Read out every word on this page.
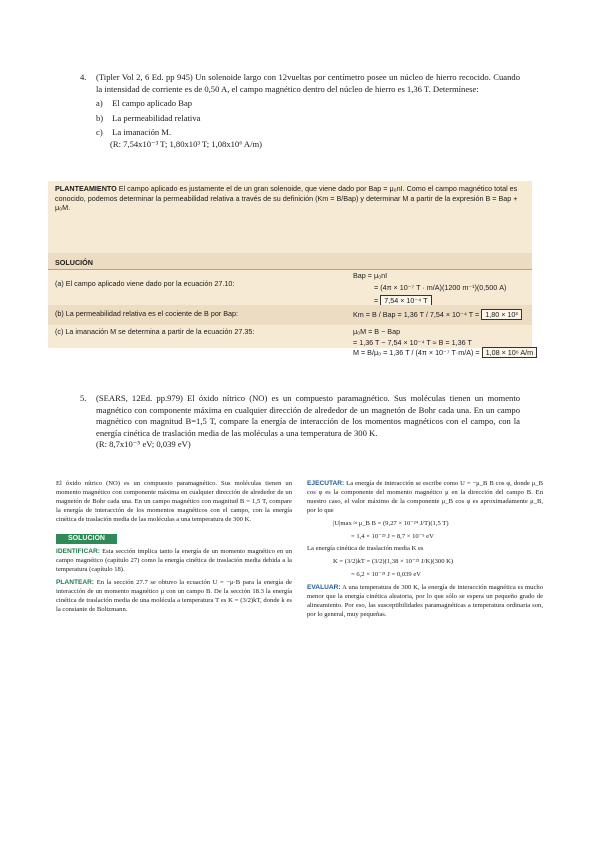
4. (Tipler Vol 2, 6 Ed. pp 945) Un solenoide largo con 12vueltas por centímetro posee un núcleo de hierro recocido. Cuando la intensidad de corriente es de 0,50 A, el campo magnético dentro del núcleo de hierro es 1,36 T. Determínese:
a) El campo aplicado Bap
b) La permeabilidad relativa
c) La imanación M.
(R: 7,54x10⁻³ T; 1,80x10³ T; 1,08x10⁶ A/m)
PLANTEAMIENTO El campo aplicado es justamente el de un gran solenoide, que viene dado por Bap = μ₀nI. Como el campo magnético total es conocido, podemos determinar la permeabilidad relativa a través de su definición (Km = B/Bap) y determinar M a partir de la expresión B = Bap + μ₀M.
SOLUCIÓN
(a) El campo aplicado viene dado por la ecuación 27.10:
Bap = μ₀nI
= (4π × 10⁻⁷ T · m/A)(1200 m⁻¹)(0,500 A)
= 7,54 × 10⁻⁴ T
(b) La permeabilidad relativa es el cociente de B por Bap:	Km = B / Bap = 1,36 T / 7,54 × 10⁻⁴ T = 1,80 × 10³
(c) La imanación M se determina a partir de la ecuación 27.35:	μ₀M = B − Bap
= 1,36 T − 7,54 × 10⁻⁴ T ≈ B = 1,36 T
M = B/μ₀ = 1,36 T / (4π × 10⁻⁷ T·m/A) = 1,08 × 10⁶ A/m
5. (SEARS, 12Ed. pp.979) El óxido nítrico (NO) es un compuesto paramagnético. Sus moléculas tienen un momento magnético con componente máxima en cualquier dirección de alrededor de un magnetón de Bohr cada una. En un campo magnético con magnitud B=1,5 T, compare la energía de interacción de los momentos magnéticos con el campo, con la energía cinética de traslación media de las moléculas a una temperatura de 300 K.
(R: 8,7x10⁻⁵ eV; 0,039 eV)
El óxido nítrico (NO) es un compuesto paramagnético. Sus moléculas tienen un momento magnético con componente máxima en cualquier dirección de alrededor de un magnetón de Bohr cada una. En un campo magnético con magnitud B = 1,5 T, compare la energía de interacción de los momentos magnéticos con el campo, con la energía cinética de traslación media de las moléculas a una temperatura de 300 K.
SOLUCIÓN
IDENTIFICAR: Esta sección implica tanto la energía de un momento magnético en un campo magnético (capítulo 27) como la energía cinética de traslación media debida a la temperatura (capítulo 18).
PLANTEAR: En la sección 27.7 se obtuvo la ecuación U = −μ·B para la energía de interacción de un momento magnético μ con un campo B. De la sección 18.3 la energía cinética de traslación media de una molécula a temperatura T es K = (3/2)kT, donde k es la constante de Boltzmann.
EJECUTAR: La energía de interacción se escribe como U = −μ_B B cos φ, donde μ_B cos φ es la componente del momento magnético μ en la dirección del campo B. En nuestro caso, el valor máximo de la componente μ_B cos φ es aproximadamente μ_B, por lo que
|U|max ≈ μ_B B = (9,27 × 10⁻²⁴ J/T)(1,5 T)
= 1,4 × 10⁻²³ J = 8,7 × 10⁻⁵ eV
La energía cinética de traslación media K es
K = (3/2)kT = (3/2)(1,38 × 10⁻²³ J/K)(300 K)
= 6,2 × 10⁻²¹ J = 0,039 eV
EVALUAR: A una temperatura de 300 K, la energía de interacción magnética es mucho menor que la energía cinética aleatoria, por lo que sólo se espera un pequeño grado de alineamiento. Por eso, las susceptibilidades paramagnéticas a temperatura ordinaria son, por lo general, muy pequeñas.
